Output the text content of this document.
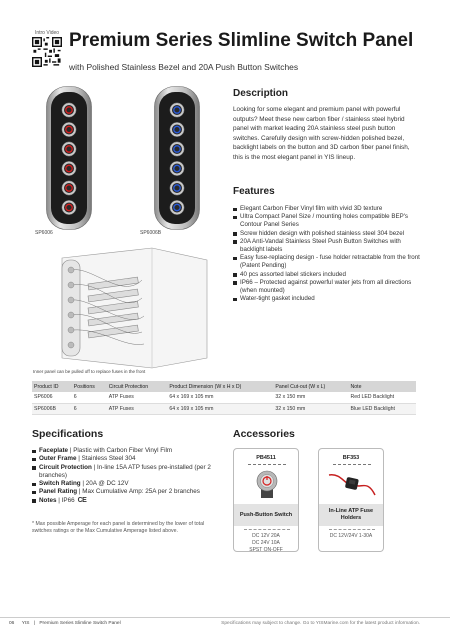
Intro Video Premium Series Slimline Switch Panel
with Polished Stainless Bezel and 20A Push Button Switches
SP6006	SP6006B
Inner panel can be pulled off to replace fuses in the front
Description
Looking for some elegant and premium panel with powerful outputs? Meet these new carbon fiber / stainless steel hybrid panel with market leading 20A stainless steel push button switches. Carefully design with screw-hidden polished bezel, backlight labels on the button and 3D carbon fiber panel finish, this is the most elegant panel in YIS lineup.
Features
Elegant Carbon Fiber Vinyl film with vivid 3D texture
Ultra Compact Panel Size / mounting holes compatible BEP's Contour Panel Series
Screw hidden design with polished stainless steel 304 bezel
20A Anti-Vandal Stainless Steel Push Button Switches with backlight labels
Easy fuse-replacing design - fuse holder retractable from the front (Patent Pending)
40 pcs assorted label stickers included
IP66 – Protected against powerful water jets from all directions (when mounted)
Water-tight gasket included
Product ID	Positions	Circuit Protection	Product Dimension (W x H x D)	Panel Cut-out (W x L)	Note
SP6006	6	ATP Fuses	64 x 169 x 105 mm	32 x 150 mm	Red LED Backlight
SP6006B	6	ATP Fuses	64 x 169 x 105 mm	32 x 150 mm	Blue LED Backlight
Specifications
Faceplate | Plastic with Carbon Fiber Vinyl Film
Outer Frame | Stainless Steel 304
Circuit Protection | In-line 15A ATP fuses pre-installed (per 2 branches)
Switch Rating | 20A @ DC 12V
Panel Rating | Max Cumulative Amp: 25A per 2 branches
Notes | IP66 CE
* Max possible Amperage for each panel is determined by the lower of total switches ratings or the Max Cumulative Amperage listed above.
Accessories
PB4511
Push-Button Switch
DC 12V 20A
DC 24V 10A
SPST ON-OFF
BF353
In-Line ATP Fuse Holders
DC 12V/24V 1-30A
06 YIS | Premium Series Slimline Switch Panel	Specifications may subject to change. Go to YISMarine.com for the latest product information.
